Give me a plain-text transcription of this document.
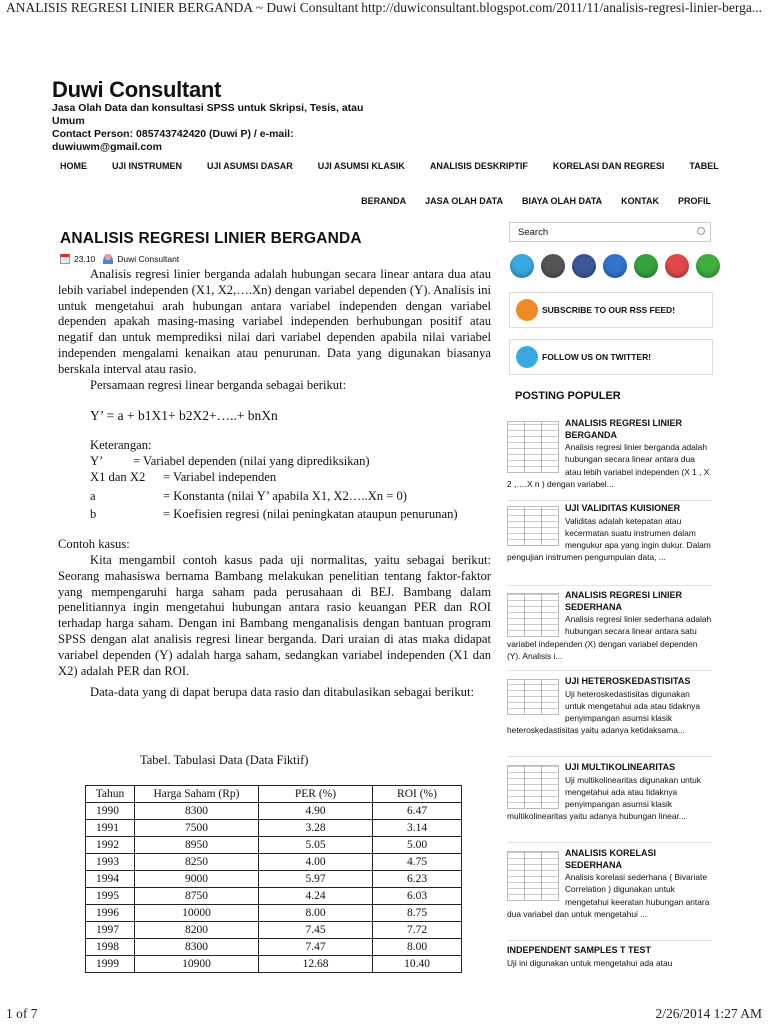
ANALISIS REGRESI LINIER BERGANDA ~ Duwi Consultant http://duwiconsultant.blogspot.com/2011/11/analisis-regresi-linier-berga...
1 of 7	2/26/2014 1:27 AM
Duwi Consultant
Jasa Olah Data dan konsultasi SPSS untuk Skripsi, Tesis, atau Umum
Contact Person: 085743742420 (Duwi P) / e-mail:
duwiuwm@gmail.com
HOME	UJI INSTRUMEN	UJI ASUMSI DASAR	UJI ASUMSI KLASIK	ANALISIS DESKRIPTIF	KORELASI DAN REGRESI	TABEL
BERANDA JASA OLAH DATA BIAYA OLAH DATA KONTAK PROFIL
ANALISIS REGRESI LINIER BERGANDA
23.10	Duwi Consultant

Analisis regresi linier berganda adalah hubungan secara linear antara dua atau lebih variabel independen (X1, X2,….Xn) dengan variabel dependen (Y). Analisis ini untuk mengetahui arah hubungan antara variabel independen dengan variabel dependen apakah masing-masing variabel independen berhubungan positif atau negatif dan untuk memprediksi nilai dari variabel dependen apabila nilai variabel independen mengalami kenaikan atau penurunan. Data yang digunakan biasanya berskala interval atau rasio.

Persamaan regresi linear berganda sebagai berikut:

Y’ = a + b1X1+ b2X2+…..+ bnXn

Keterangan:

Y’	= Variabel dependen (nilai yang diprediksikan)
X1 dan X2	= Variabel independen
a	= Konstanta (nilai Y’ apabila X1, X2…..Xn = 0)
b	= Koefisien regresi (nilai peningkatan ataupun penurunan)

Contoh kasus:

Kita mengambil contoh kasus pada uji normalitas, yaitu sebagai berikut: Seorang mahasiswa bernama Bambang melakukan penelitian tentang faktor-faktor yang mempengaruhi harga saham pada perusahaan di BEJ. Bambang dalam penelitiannya ingin mengetahui hubungan antara rasio keuangan PER dan ROI terhadap harga saham. Dengan ini Bambang menganalisis dengan bantuan program SPSS dengan alat analisis regresi linear berganda. Dari uraian di atas maka didapat variabel dependen (Y) adalah harga saham, sedangkan variabel independen (X1 dan X2) adalah PER dan ROI.

Data-data yang di dapat berupa data rasio dan ditabulasikan sebagai berikut:

Tabel. Tabulasi Data (Data Fiktif)
Tahun	Harga Saham (Rp)	PER (%)	ROI (%)
1990	8300	4.90	6.47
1991	7500	3.28	3.14
1992	8950	5.05	5.00
1993	8250	4.00	4.75
1994	9000	5.97	6.23
1995	8750	4.24	6.03
1996	10000	8.00	8.75
1997	8200	7.45	7.72
1998	8300	7.47	8.00
1999	10900	12.68	10.40
Search
SUBSCRIBE TO OUR RSS FEED!
FOLLOW US ON TWITTER!
POSTING POPULER
ANALISIS REGRESI LINIER BERGANDA
Analisis regresi linier berganda adalah hubungan secara linear antara dua atau lebih variabel independen (X 1 , X 2 ,….X n ) dengan variabel...
UJI VALIDITAS KUISIONER
Validitas adalah ketepatan atau kecermatan suatu instrumen dalam mengukur apa yang ingin dukur. Dalam pengujian instrumen pengumpulan data, ...
ANALISIS REGRESI LINIER SEDERHANA
Analisis regresi linier sederhana adalah hubungan secara linear antara satu variabel independen (X) dengan variabel dependen (Y). Analisis i...
UJI HETEROSKEDASTISITAS
Uji heteroskedastisitas digunakan untuk mengetahui ada atau tidaknya penyimpangan asumsi klasik heteroskedastisitas yaitu adanya ketidaksama...
UJI MULTIKOLINEARITAS
Uji multikolinearitas digunakan untuk mengetahui ada atau tidaknya penyimpangan asumsi klasik multikolinearitas yaitu adanya hubungan linear...
ANALISIS KORELASI SEDERHANA
Analisis korelasi sederhana ( Bivariate Correlation ) digunakan untuk mengetahui keeratan hubungan antara dua variabel dan untuk mengetahui ...
INDEPENDENT SAMPLES T TEST
Uji ini digunakan untuk mengetahui ada atau
